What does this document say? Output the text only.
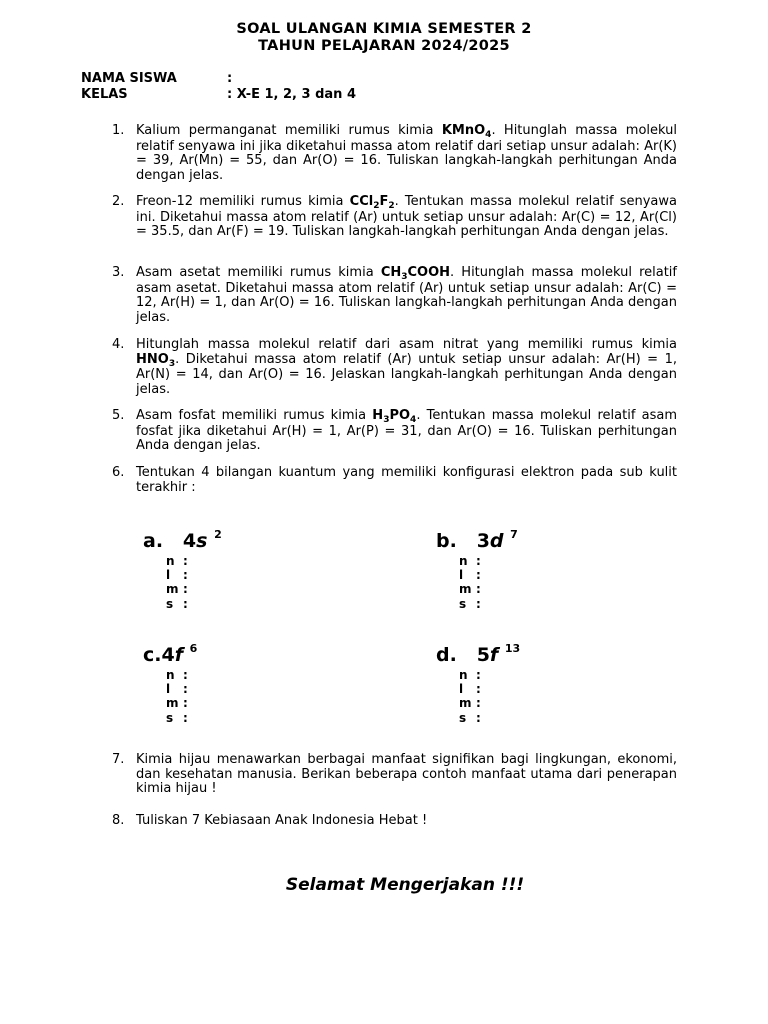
SOAL ULANGAN KIMIA SEMESTER 2
TAHUN PELAJARAN 2024/2025
NAMA SISWA	:
KELAS	: X-E 1, 2, 3 dan 4
1. Kalium permanganat memiliki rumus kimia KMnO$_4$. Hitunglah massa molekul relatif senyawa ini jika diketahui massa atom relatif dari setiap unsur adalah: Ar(K) = 39, Ar(Mn) = 55, dan Ar(O) = 16. Tuliskan langkah-langkah perhitungan Anda dengan jelas.
2. Freon-12 memiliki rumus kimia $CCl_2F_2$. Tentukan massa molekul relatif senyawa ini. Diketahui massa atom relatif (Ar) untuk setiap unsur adalah: Ar(C) = 12, Ar(Cl) = 35.5, dan Ar(F) = 19. Tuliskan langkah-langkah perhitungan Anda dengan jelas.
3. Asam asetat memiliki rumus kimia $CH_3COOH$. Hitunglah massa molekul relatif asam asetat. Diketahui massa atom relatif (Ar) untuk setiap unsur adalah: Ar(C) = 12, Ar(H) = 1, dan Ar(O) = 16. Tuliskan langkah-langkah perhitungan Anda dengan jelas.
4. Hitunglah massa molekul relatif dari asam nitrat yang memiliki rumus kimia $HNO_3$. Diketahui massa atom relatif (Ar) untuk setiap unsur adalah: Ar(H) = 1, Ar(N) = 14, dan Ar(O) = 16. Jelaskan langkah-langkah perhitungan Anda dengan jelas.
5. Asam fosfat memiliki rumus kimia $H_3PO_4$. Tentukan massa molekul relatif asam fosfat jika diketahui Ar(H) = 1, Ar(P) = 31, dan Ar(O) = 16. Tuliskan perhitungan Anda dengan jelas.
6. Tentukan 4 bilangan kuantum yang memiliki konfigurasi elektron pada sub kulit terakhir :
a. 4s $^2$
n :
l	:
m :
s :
b. 3d $^7$
n :
l	:
m :
s :
c.4f $^6$
n :
l	:
m :
s :
d. 5f $^{13}$
n :
l	:
m :
s :
7. Kimia hijau menawarkan berbagai manfaat signifikan bagi lingkungan, ekonomi, dan kesehatan manusia. Berikan beberapa contoh manfaat utama dari penerapan kimia hijau !
8. Tuliskan 7 Kebiasaan Anak Indonesia Hebat !
Selamat Mengerjakan !!!
